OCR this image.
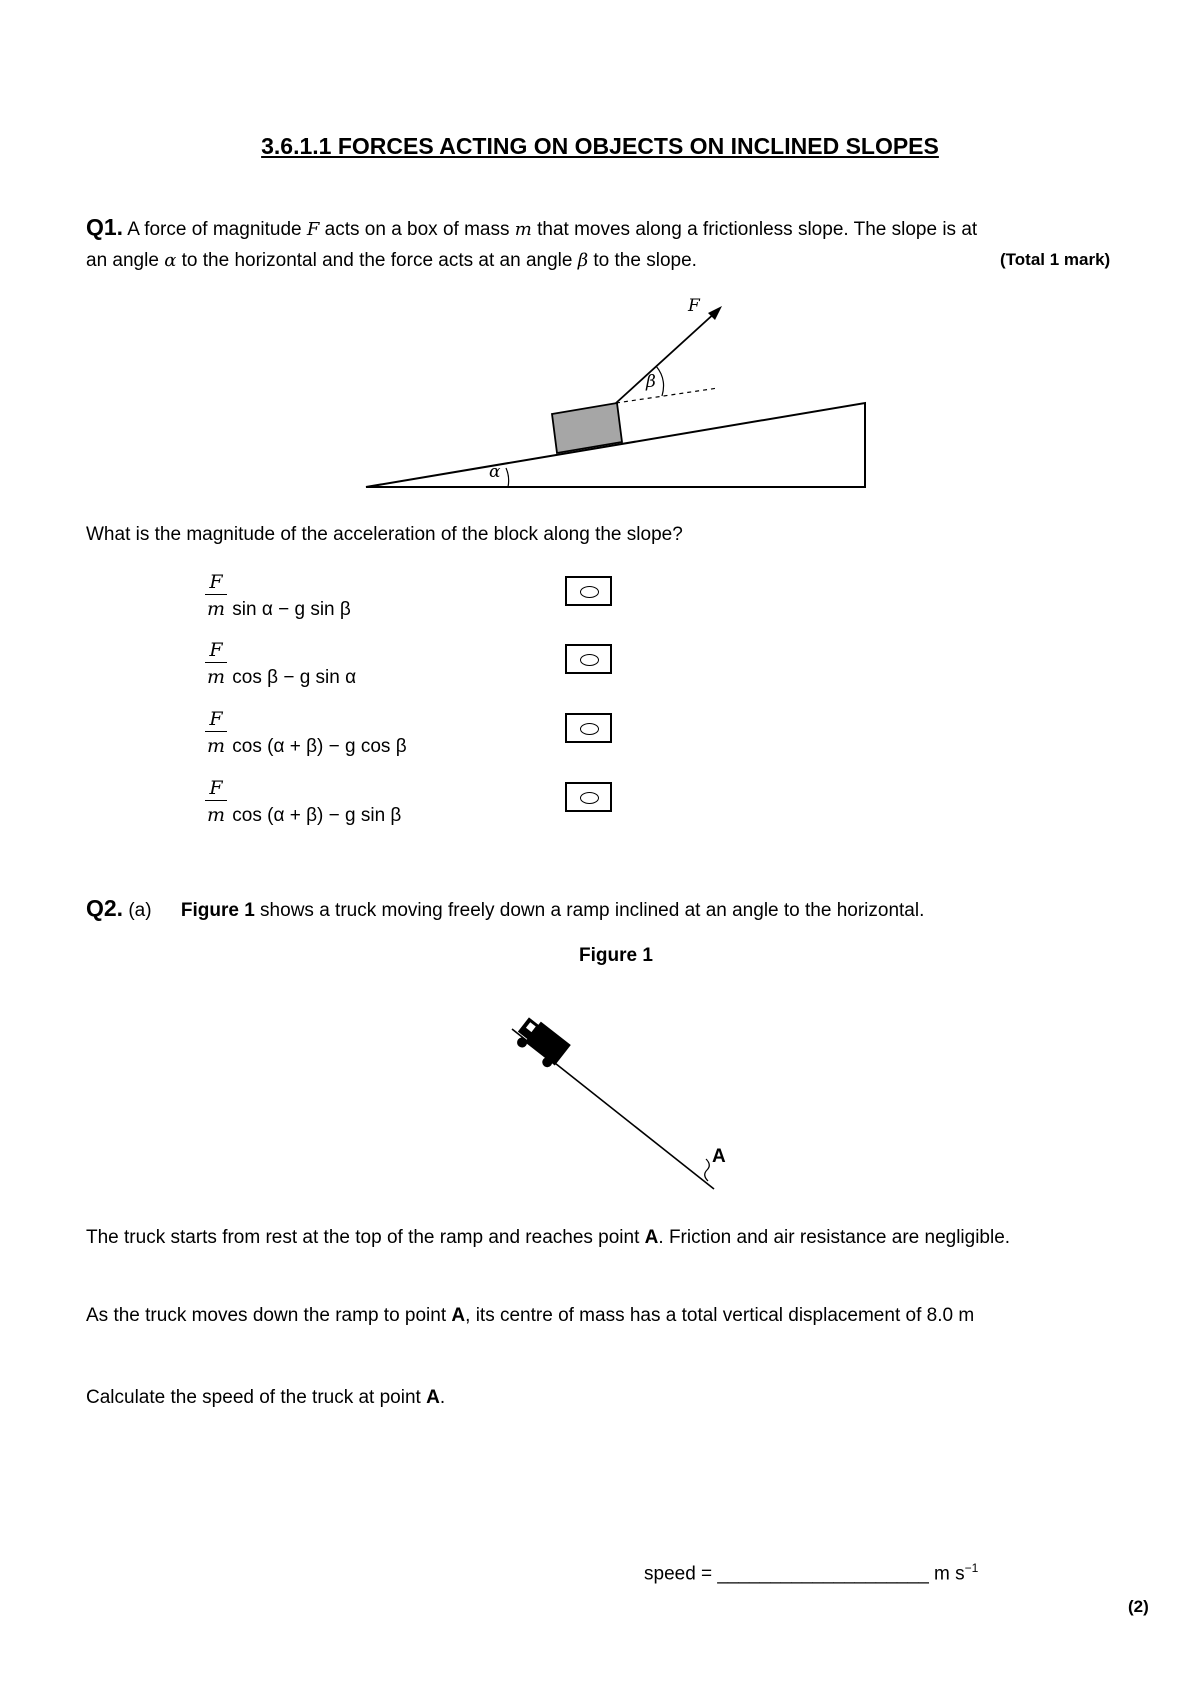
3.6.1.1 FORCES ACTING ON OBJECTS ON INCLINED SLOPES
Q1. A force of magnitude F acts on a box of mass m that moves along a frictionless slope. The slope is at
an angle α to the horizontal and the force acts at an angle β to the slope.	(Total 1 mark)
F
β
α
What is the magnitude of the acceleration of the block along the slope?
F
m sin α − g sin β
F
m cos β − g sin α
F
m cos (α + β) − g cos β
F
m cos (α + β) − g sin β
Q2. (a) Figure 1 shows a truck moving freely down a ramp inclined at an angle to the horizontal.
Figure 1
A
The truck starts from rest at the top of the ramp and reaches point A. Friction and air resistance are negligible.
As the truck moves down the ramp to point A, its centre of mass has a total vertical displacement of 8.0 m
Calculate the speed of the truck at point A.
speed = ____________________ m $s^{-1}$
(2)
